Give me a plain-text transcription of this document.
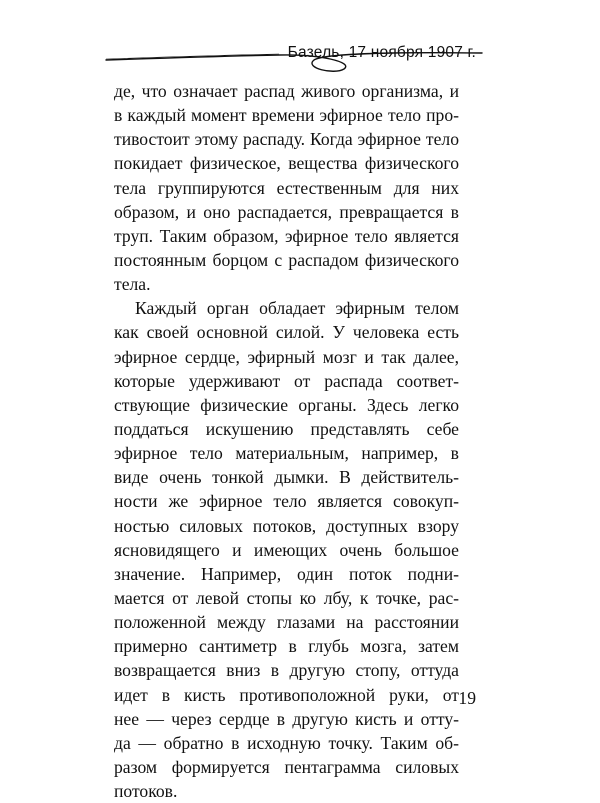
Базель, 17 ноября 1907 г.
де, что означает распад живого организма, и
в каждый момент времени эфирное тело про-
тивостоит этому распаду. Когда эфирное тело
покидает физическое, вещества физического
тела группируются естественным для них
образом, и оно распадается, превращается в
труп. Таким образом, эфирное тело является
постоянным борцом с распадом физического
тела.
Каждый орган обладает эфирным телом
как своей основной силой. У человека есть
эфирное сердце, эфирный мозг и так далее,
которые удерживают от распада соответ-
ствующие физические органы. Здесь легко
поддаться искушению представлять себе
эфирное тело материальным, например, в
виде очень тонкой дымки. В действитель-
ности же эфирное тело является совокуп-
ностью силовых потоков, доступных взору
ясновидящего и имеющих очень большое
значение. Например, один поток подни-
мается от левой стопы ко лбу, к точке, рас-
положенной между глазами на расстоянии
примерно сантиметр в глубь мозга, затем
возвращается вниз в другую стопу, оттуда
идет в кисть противоположной руки, от
нее — через сердце в другую кисть и отту-
да — обратно в исходную точку. Таким об-
разом формируется пентаграмма силовых
потоков.
19
